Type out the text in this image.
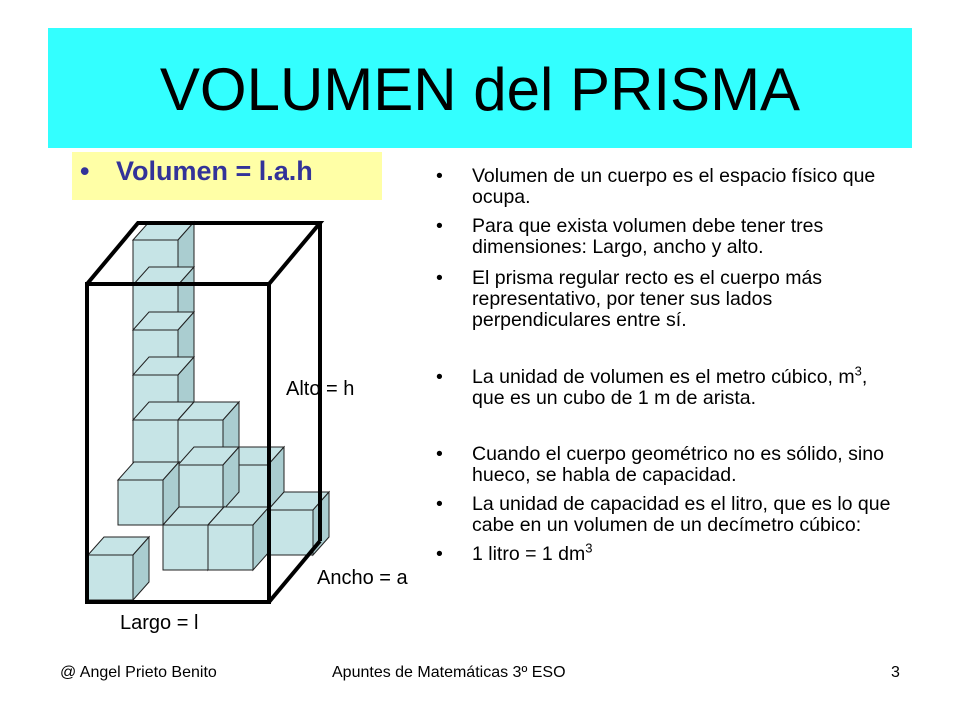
VOLUMEN del PRISMA
• Volumen = l.a.h	• Volumen de un cuerpo es el espacio físico que ocupa.
• Para que exista volumen debe tener tres dimensiones: Largo, ancho y alto.
• El prisma regular recto es el cuerpo más representativo, por tener sus lados perpendiculares entre sí.
• La unidad de volumen es el metro cúbico, $m^3$, que es un cubo de 1 m de arista.
• Cuando el cuerpo geométrico no es sólido, sino hueco, se habla de capacidad.
• La unidad de capacidad es el litro, que es lo que cabe en un volumen de un decímetro cúbico:
• 1 litro = 1 $dm^3$
Alto = h
Ancho = a
Largo = l
@ Angel Prieto Benito	Apuntes de Matemáticas 3º ESO	3
